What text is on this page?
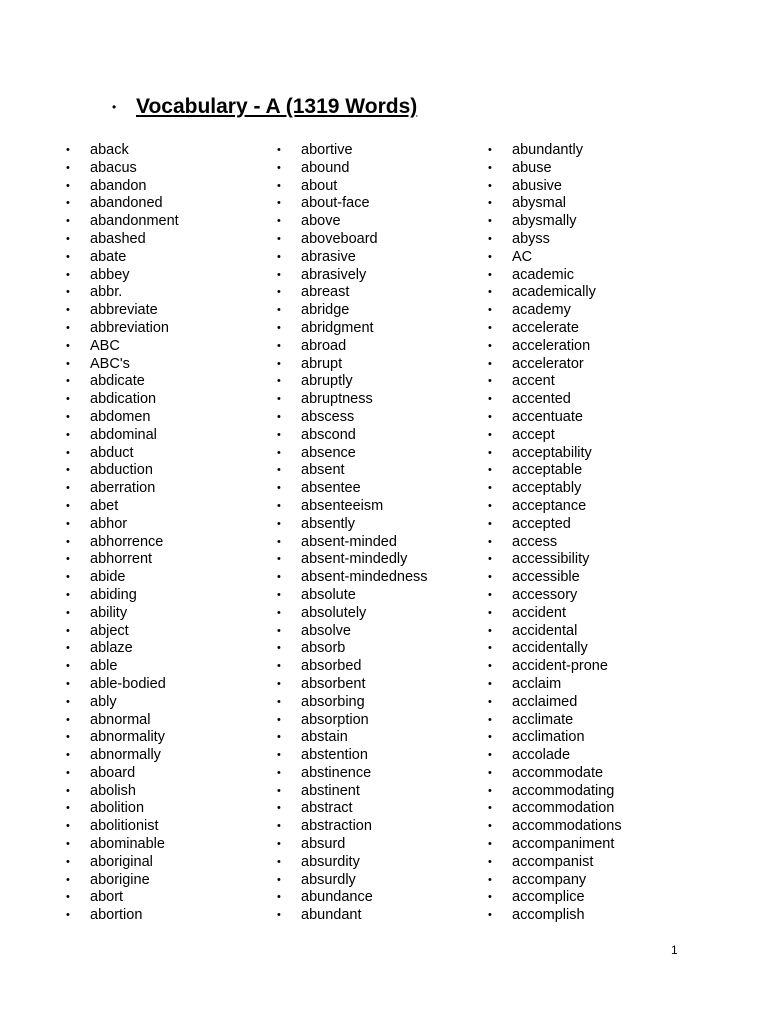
• Vocabulary - A (1319 Words)
•	aback
•	abacus
•	abandon
•	abandoned
•	abandonment
•	abashed
•	abate
•	abbey
•	abbr.
•	abbreviate
•	abbreviation
•	ABC
•	ABC's
•	abdicate
•	abdication
•	abdomen
•	abdominal
•	abduct
•	abduction
•	aberration
•	abet
•	abhor
•	abhorrence
•	abhorrent
•	abide
•	abiding
•	ability
•	abject
•	ablaze
•	able
•	able-bodied
•	ably
•	abnormal
•	abnormality
•	abnormally
•	aboard
•	abolish
•	abolition
•	abolitionist
•	abominable
•	aboriginal
•	aborigine
•	abort
•	abortion
•	abortive
•	abound
•	about
•	about-face
•	above
•	aboveboard
•	abrasive
•	abrasively
•	abreast
•	abridge
•	abridgment
•	abroad
•	abrupt
•	abruptly
•	abruptness
•	abscess
•	abscond
•	absence
•	absent
•	absentee
•	absenteeism
•	absently
•	absent-minded
•	absent-mindedly
•	absent-mindedness
•	absolute
•	absolutely
•	absolve
•	absorb
•	absorbed
•	absorbent
•	absorbing
•	absorption
•	abstain
•	abstention
•	abstinence
•	abstinent
•	abstract
•	abstraction
•	absurd
•	absurdity
•	absurdly
•	abundance
•	abundant
•	abundantly
•	abuse
•	abusive
•	abysmal
•	abysmally
•	abyss
•	AC
•	academic
•	academically
•	academy
•	accelerate
•	acceleration
•	accelerator
•	accent
•	accented
•	accentuate
•	accept
•	acceptability
•	acceptable
•	acceptably
•	acceptance
•	accepted
•	access
•	accessibility
•	accessible
•	accessory
•	accident
•	accidental
•	accidentally
•	accident-prone
•	acclaim
•	acclaimed
•	acclimate
•	acclimation
•	accolade
•	accommodate
•	accommodating
•	accommodation
•	accommodations
•	accompaniment
•	accompanist
•	accompany
•	accomplice
•	accomplish
1
